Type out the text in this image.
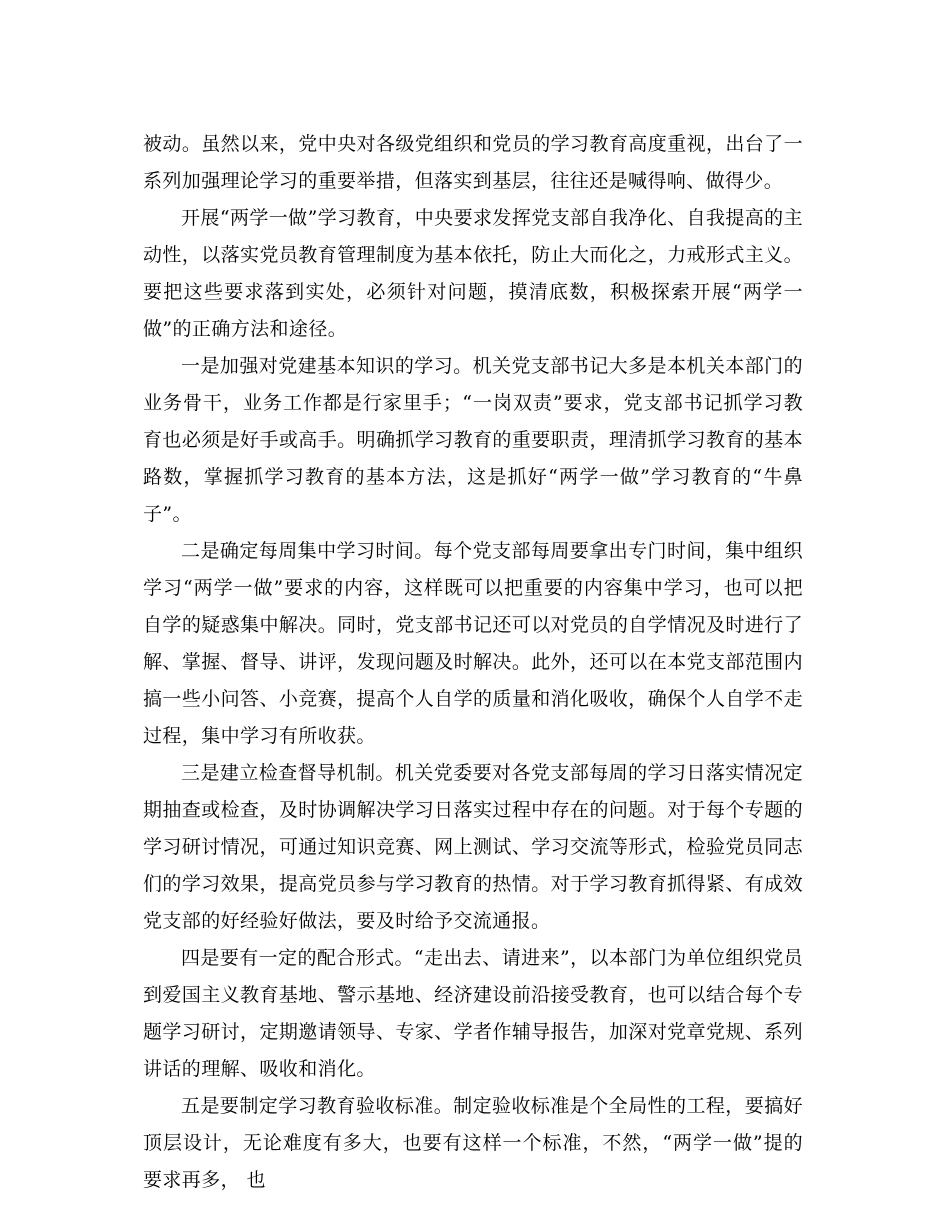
被动。虽然以来，党中央对各级党组织和党员的学习教育高度重视，出台了一系列加强理论学习的重要举措，但落实到基层，往往还是喊得响、做得少。

开展“两学一做”学习教育，中央要求发挥党支部自我净化、自我提高的主动性，以落实党员教育管理制度为基本依托，防止大而化之，力戒形式主义。要把这些要求落到实处，必须针对问题，摸清底数，积极探索开展“两学一做”的正确方法和途径。

一是加强对党建基本知识的学习。机关党支部书记大多是本机关本部门的业务骨干，业务工作都是行家里手；“一岗双责”要求，党支部书记抓学习教育也必须是好手或高手。明确抓学习教育的重要职责，理清抓学习教育的基本路数，掌握抓学习教育的基本方法，这是抓好“两学一做”学习教育的“牛鼻子”。

二是确定每周集中学习时间。每个党支部每周要拿出专门时间，集中组织学习“两学一做”要求的内容，这样既可以把重要的内容集中学习，也可以把自学的疑惑集中解决。同时，党支部书记还可以对党员的自学情况及时进行了解、掌握、督导、讲评，发现问题及时解决。此外，还可以在本党支部范围内搞一些小问答、小竞赛，提高个人自学的质量和消化吸收，确保个人自学不走过程，集中学习有所收获。

三是建立检查督导机制。机关党委要对各党支部每周的学习日落实情况定期抽查或检查，及时协调解决学习日落实过程中存在的问题。对于每个专题的学习研讨情况，可通过知识竞赛、网上测试、学习交流等形式，检验党员同志们的学习效果，提高党员参与学习教育的热情。对于学习教育抓得紧、有成效党支部的好经验好做法，要及时给予交流通报。

四是要有一定的配合形式。“走出去、请进来”，以本部门为单位组织党员到爱国主义教育基地、警示基地、经济建设前沿接受教育，也可以结合每个专题学习研讨，定期邀请领导、专家、学者作辅导报告，加深对党章党规、系列讲话的理解、吸收和消化。

五是要制定学习教育验收标准。制定验收标准是个全局性的工程，要搞好顶层设计，无论难度有多大，也要有这样一个标准，不然，“两学一做”提的要求再多， 也
